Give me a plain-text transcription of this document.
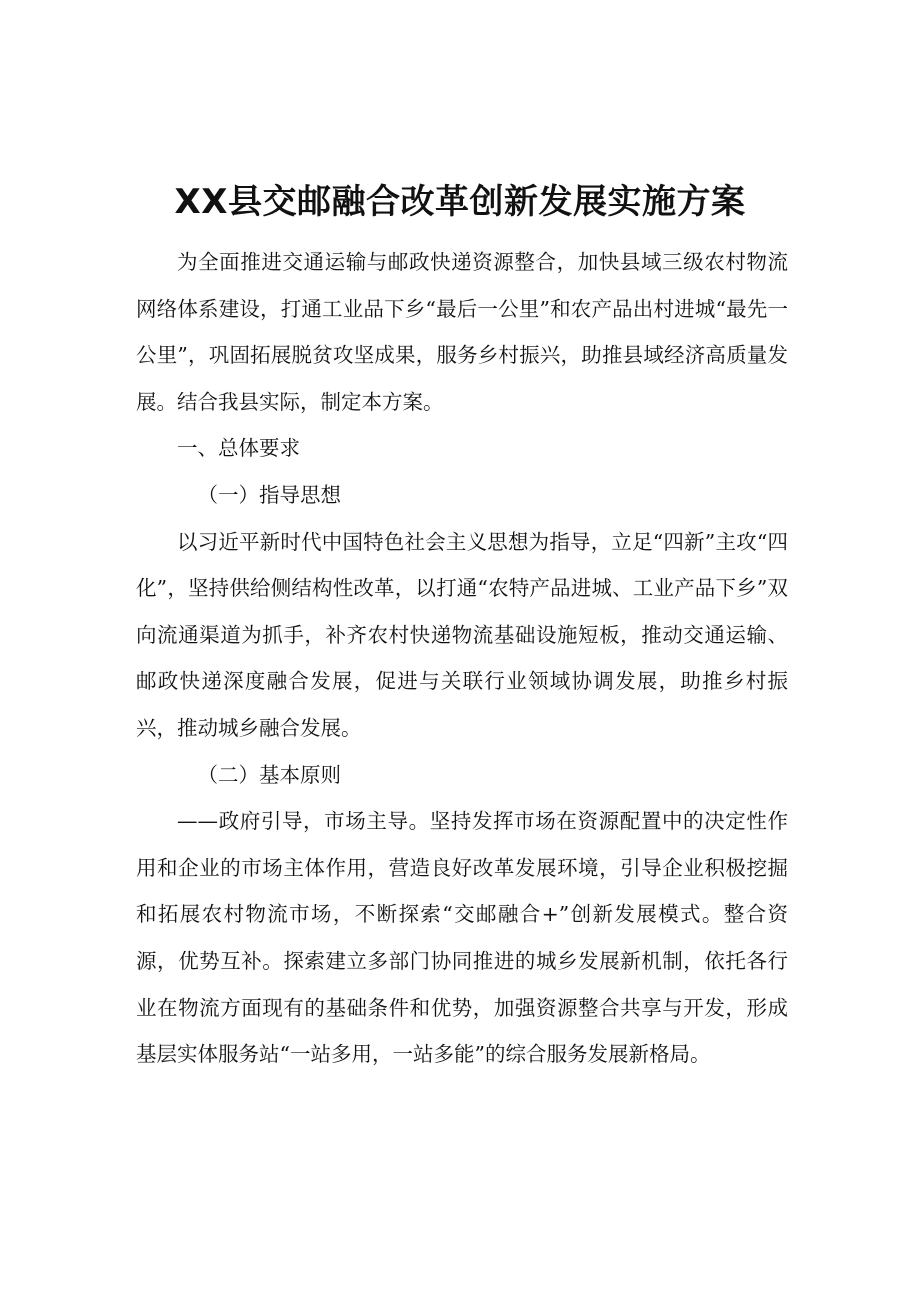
XX县交邮融合改革创新发展实施方案

为全面推进交通运输与邮政快递资源整合，加快县域三级农村物流网络体系建设，打通工业品下乡“最后一公里”和农产品出村进城“最先一公里”，巩固拓展脱贫攻坚成果，服务乡村振兴，助推县域经济高质量发展。结合我县实际，制定本方案。

一、总体要求

（一）指导思想

以习近平新时代中国特色社会主义思想为指导，立足“四新”主攻“四化”，坚持供给侧结构性改革，以打通“农特产品进城、工业产品下乡”双向流通渠道为抓手，补齐农村快递物流基础设施短板，推动交通运输、邮政快递深度融合发展，促进与关联行业领域协调发展，助推乡村振兴，推动城乡融合发展。

（二）基本原则

——政府引导，市场主导。坚持发挥市场在资源配置中的决定性作用和企业的市场主体作用，营造良好改革发展环境，引导企业积极挖掘和拓展农村物流市场，不断探索“交邮融合+”创新发展模式。整合资源，优势互补。探索建立多部门协同推进的城乡发展新机制，依托各行业在物流方面现有的基础条件和优势，加强资源整合共享与开发，形成基层实体服务站“一站多用，一站多能”的综合服务发展新格局。
